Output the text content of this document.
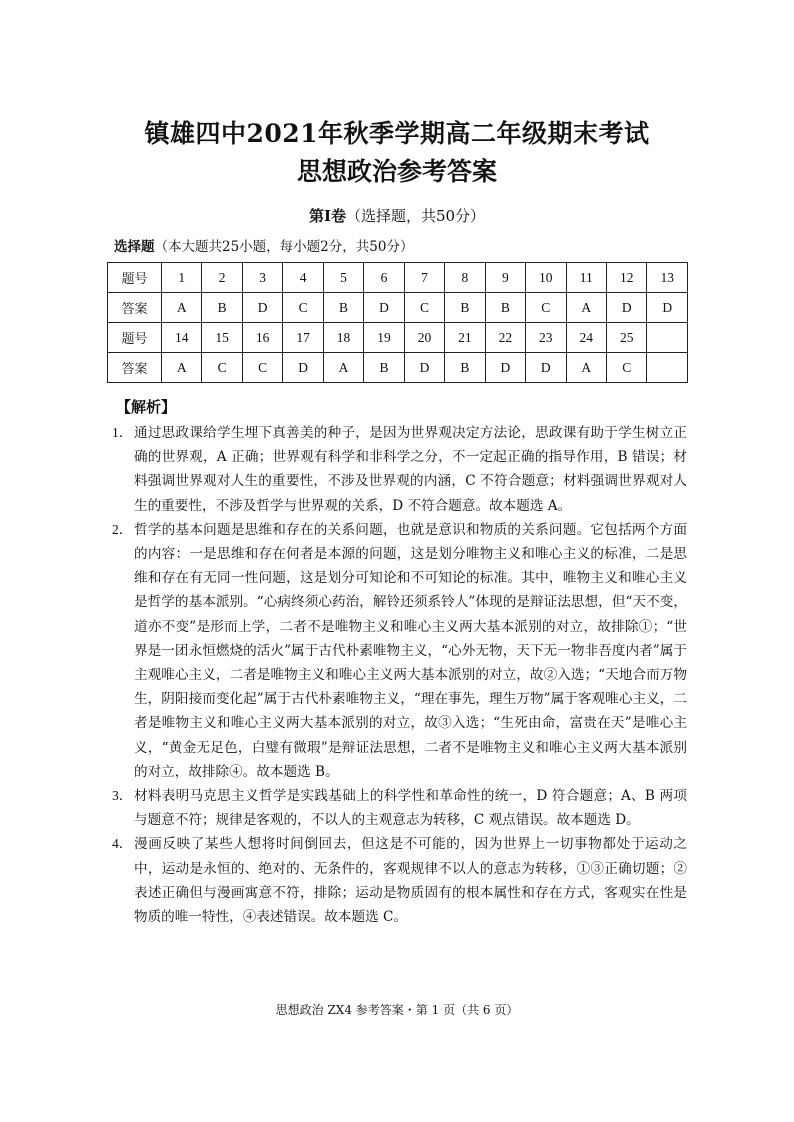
镇雄四中2021年秋季学期高二年级期末考试
思想政治参考答案
第Ⅰ卷（选择题，共50分）
选择题（本大题共25小题，每小题2分，共50分）
题号	1	2	3	4	5	6	7	8	9	10	11	12	13
答案	A	B	D	C	B	D	C	B	B	C	A	D	D
题号	14	15	16	17	18	19	20	21	22	23	24	25	
答案	A	C	C	D	A	B	D	B	D	D	A	C	
【解析】
1． 通过思政课给学生埋下真善美的种子，是因为世界观决定方法论，思政课有助于学生树立正确的世界观，A 正确；世界观有科学和非科学之分，不一定起正确的指导作用，B 错误；材料强调世界观对人生的重要性，不涉及世界观的内涵，C 不符合题意；材料强调世界观对人生的重要性，不涉及哲学与世界观的关系，D 不符合题意。故本题选 A。
2． 哲学的基本问题是思维和存在的关系问题，也就是意识和物质的关系问题。它包括两个方面的内容：一是思维和存在何者是本源的问题，这是划分唯物主义和唯心主义的标准，二是思维和存在有无同一性问题，这是划分可知论和不可知论的标准。其中，唯物主义和唯心主义是哲学的基本派别。“心病终须心药治，解铃还须系铃人”体现的是辩证法思想，但“天不变，道亦不变”是形而上学，二者不是唯物主义和唯心主义两大基本派别的对立，故排除①；“世界是一团永恒燃烧的活火”属于古代朴素唯物主义，“心外无物，天下无一物非吾度内者”属于主观唯心主义，二者是唯物主义和唯心主义两大基本派别的对立，故②入选；“天地合而万物生，阴阳接而变化起”属于古代朴素唯物主义，“理在事先，理生万物”属于客观唯心主义，二者是唯物主义和唯心主义两大基本派别的对立，故③入选；“生死由命，富贵在天”是唯心主义，“黄金无足色，白璧有微瑕”是辩证法思想，二者不是唯物主义和唯心主义两大基本派别的对立，故排除④。故本题选 B。
3． 材料表明马克思主义哲学是实践基础上的科学性和革命性的统一，D 符合题意；A、B 两项与题意不符；规律是客观的，不以人的主观意志为转移，C 观点错误。故本题选 D。
4． 漫画反映了某些人想将时间倒回去，但这是不可能的，因为世界上一切事物都处于运动之中，运动是永恒的、绝对的、无条件的，客观规律不以人的意志为转移，①③正确切题；②表述正确但与漫画寓意不符，排除；运动是物质固有的根本属性和存在方式，客观实在性是物质的唯一特性，④表述错误。故本题选 C。
思想政治 ZX4 参考答案・第 1 页（共 6 页）
